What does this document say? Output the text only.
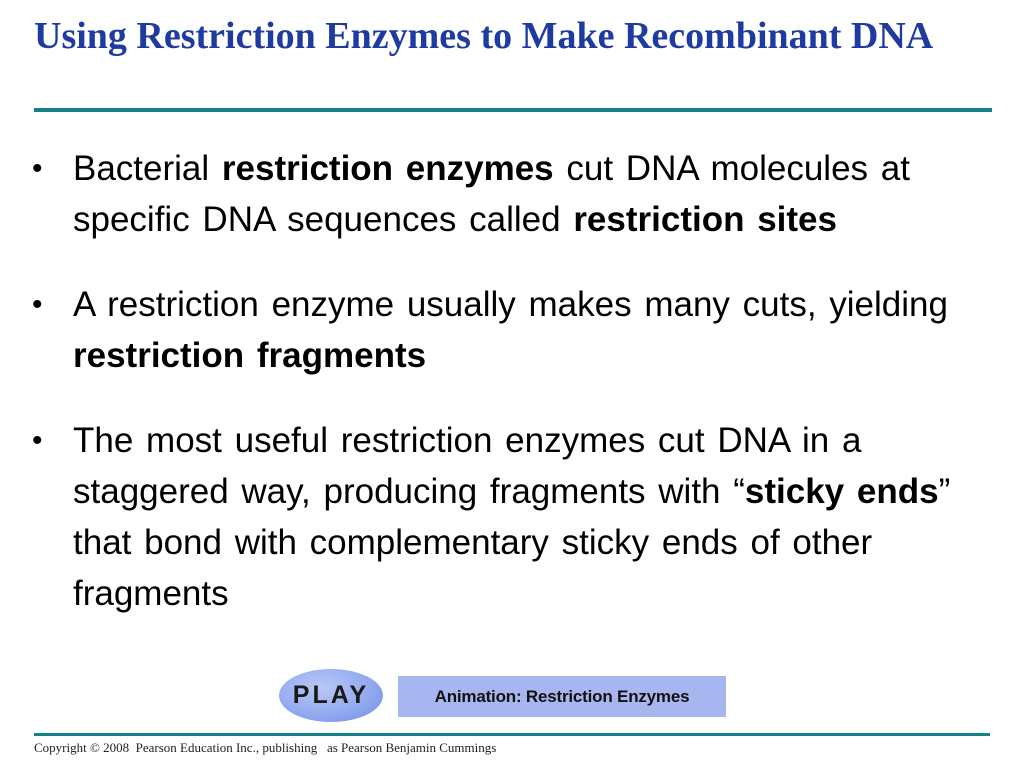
Using Restriction Enzymes to Make Recombinant DNA
• Bacterial restriction enzymes cut DNA molecules at specific DNA sequences called restriction sites
• A restriction enzyme usually makes many cuts, yielding restriction fragments
• The most useful restriction enzymes cut DNA in a staggered way, producing fragments with “sticky ends” that bond with complementary sticky ends of other fragments
PLAY	Animation: Restriction Enzymes
Copyright © 2008  Pearson Education Inc., publishing   as Pearson Benjamin Cummings
